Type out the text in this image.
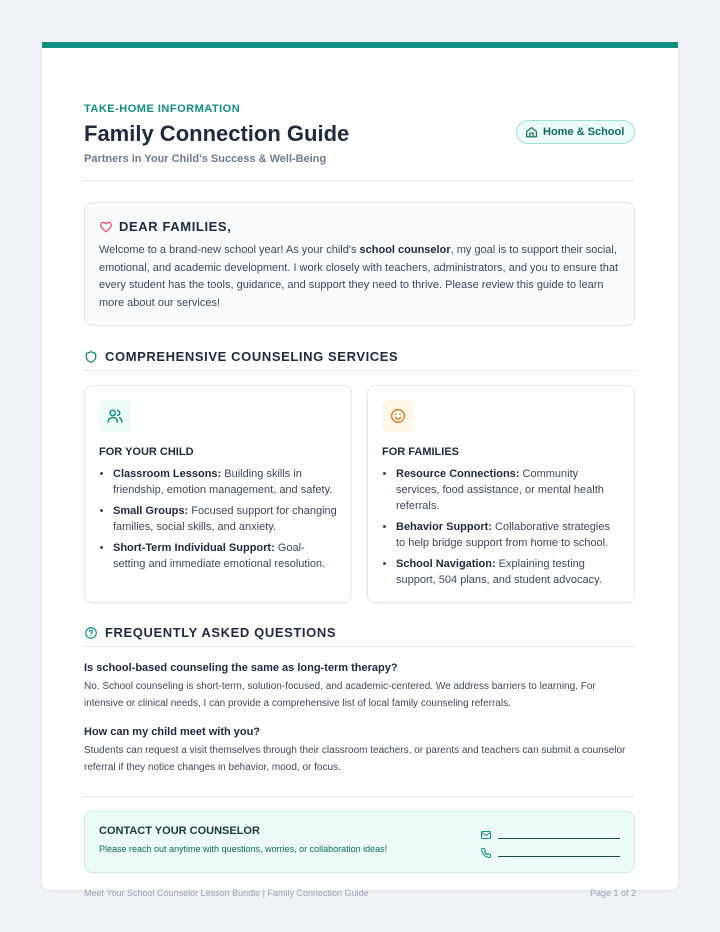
TAKE-HOME INFORMATION
Family Connection Guide
Partners in Your Child's Success & Well-Being
Home & School
DEAR FAMILIES,
Welcome to a brand-new school year! As your child's school counselor, my goal is to support their social, emotional, and academic development. I work closely with teachers, administrators, and you to ensure that every student has the tools, guidance, and support they need to thrive. Please review this guide to learn more about our services!
COMPREHENSIVE COUNSELING SERVICES
FOR YOUR CHILD
• Classroom Lessons: Building skills in friendship, emotion management, and safety.
• Small Groups: Focused support for changing families, social skills, and anxiety.
• Short-Term Individual Support: Goal-setting and immediate emotional resolution.
FOR FAMILIES
• Resource Connections: Community services, food assistance, or mental health referrals.
• Behavior Support: Collaborative strategies to help bridge support from home to school.
• School Navigation: Explaining testing support, 504 plans, and student advocacy.
FREQUENTLY ASKED QUESTIONS
Is school-based counseling the same as long-term therapy?
No. School counseling is short-term, solution-focused, and academic-centered. We address barriers to learning. For intensive or clinical needs, I can provide a comprehensive list of local family counseling referrals.
How can my child meet with you?
Students can request a visit themselves through their classroom teachers, or parents and teachers can submit a counselor referral if they notice changes in behavior, mood, or focus.
CONTACT YOUR COUNSELOR
Please reach out anytime with questions, worries, or collaboration ideas!
Meet Your School Counselor Lesson Bundle | Family Connection Guide	Page 1 of 2
